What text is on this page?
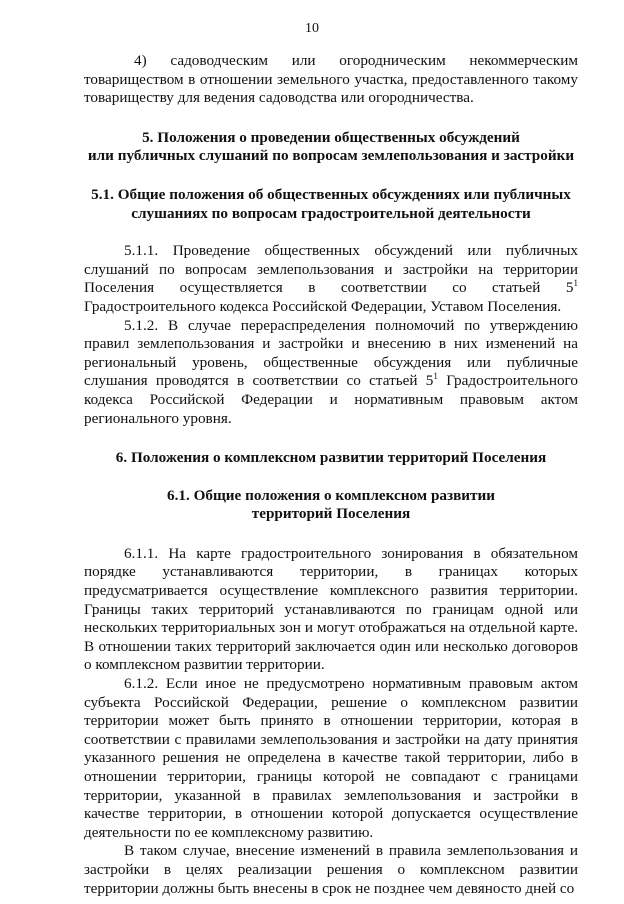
10

4) садоводческим или огородническим некоммерческим товариществом в отношении земельного участка, предоставленного такому товариществу для ведения садоводства или огородничества.

5. Положения о проведении общественных обсуждений
или публичных слушаний по вопросам землепользования и застройки
5.1. Общие положения об общественных обсуждениях или публичных
слушаниях по вопросам градостроительной деятельности

5.1.1. Проведение общественных обсуждений или публичных слушаний по вопросам землепользования и застройки на территории Поселения осуществляется в соответствии со статьей $5^1$ Градостроительного кодекса Российской Федерации, Уставом Поселения.

5.1.2. В случае перераспределения полномочий по утверждению правил землепользования и застройки и внесению в них изменений на региональный уровень, общественные обсуждения или публичные слушания проводятся в соответствии со статьей $5^1$ Градостроительного кодекса Российской Федерации и нормативным правовым актом регионального уровня.

6. Положения о комплексном развитии территорий Поселения
6.1. Общие положения о комплексном развитии
территорий Поселения

6.1.1. На карте градостроительного зонирования в обязательном порядке устанавливаются территории, в границах которых предусматривается осуществление комплексного развития территории. Границы таких территорий устанавливаются по границам одной или нескольких территориальных зон и могут отображаться на отдельной карте. В отношении таких территорий заключается один или несколько договоров о комплексном развитии территории.

6.1.2. Если иное не предусмотрено нормативным правовым актом субъекта Российской Федерации, решение о комплексном развитии территории может быть принято в отношении территории, которая в соответствии с правилами землепользования и застройки на дату принятия указанного решения не определена в качестве такой территории, либо в отношении территории, границы которой не совпадают с границами территории, указанной в правилах землепользования и застройки в качестве территории, в отношении которой допускается осуществление деятельности по ее комплексному развитию.

В таком случае, внесение изменений в правила землепользования и застройки в целях реализации решения о комплексном развитии территории должны быть внесены в срок не позднее чем девяносто дней со
